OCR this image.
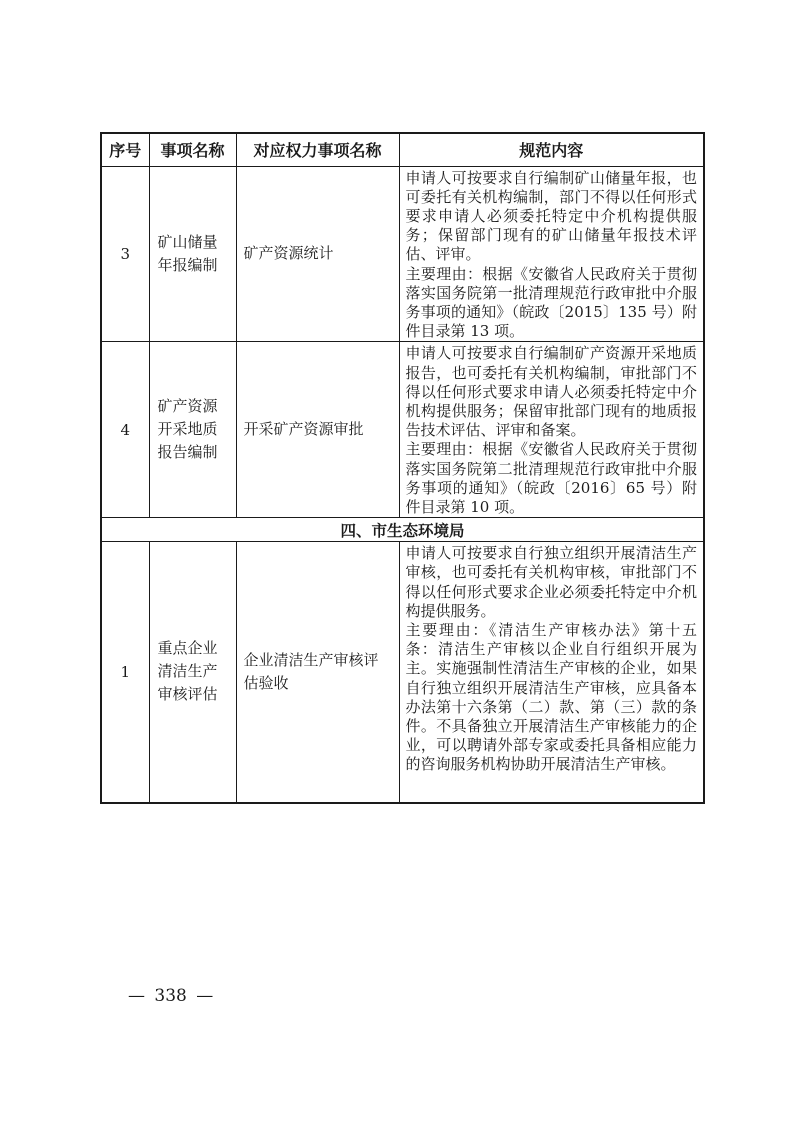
序号	事项名称	对应权力事项名称	规范内容
3	矿山储量年报编制	矿产资源统计	申请人可按要求自行编制矿山储量年报，也可委托有关机构编制，部门不得以任何形式要求申请人必须委托特定中介机构提供服务；保留部门现有的矿山储量年报技术评估、评审。
主要理由：根据《安徽省人民政府关于贯彻落实国务院第一批清理规范行政审批中介服务事项的通知》（皖政〔2015〕135 号）附件目录第 13 项。

4	矿产资源开采地质报告编制	开采矿产资源审批	申请人可按要求自行编制矿产资源开采地质报告，也可委托有关机构编制，审批部门不得以任何形式要求申请人必须委托特定中介机构提供服务；保留审批部门现有的地质报告技术评估、评审和备案。
主要理由：根据《安徽省人民政府关于贯彻落实国务院第二批清理规范行政审批中介服务事项的通知》（皖政〔2016〕65 号）附件目录第 10 项。

四、市生态环境局			
1	重点企业清洁生产审核评估	企业清洁生产审核评估验收	申请人可按要求自行独立组织开展清洁生产审核，也可委托有关机构审核，审批部门不得以任何形式要求企业必须委托特定中介机构提供服务。
主要理由：《清洁生产审核办法》第十五条：清洁生产审核以企业自行组织开展为主。实施强制性清洁生产审核的企业，如果自行独立组织开展清洁生产审核，应具备本办法第十六条第（二）款、第（三）款的条件。不具备独立开展清洁生产审核能力的企业，可以聘请外部专家或委托具备相应能力的咨询服务机构协助开展清洁生产审核。
— 338 —
